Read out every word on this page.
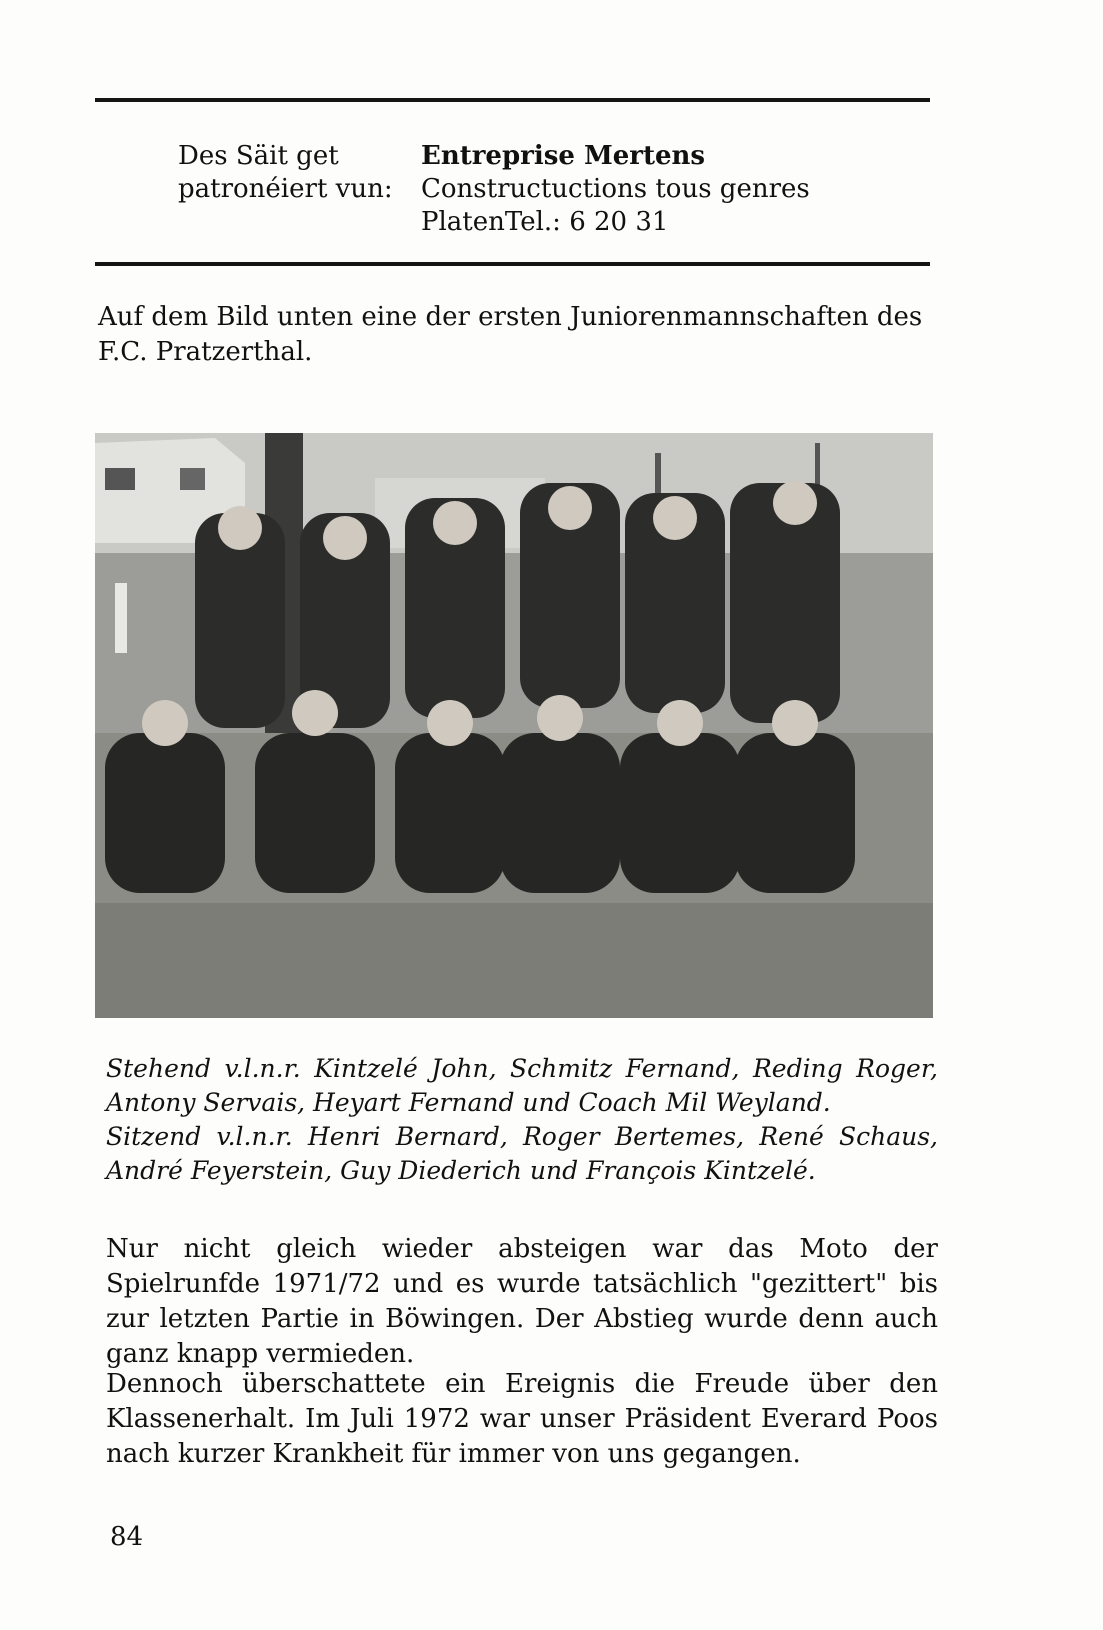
Des Säit get
patronéiert vun:
Entreprise Mertens
Constructuctions tous genres
PlatenTel.: 6 20 31

Auf dem Bild unten eine der ersten Juniorenmannschaften des F.C. Pratzerthal.

Stehend v.l.n.r. Kintzelé John, Schmitz Fernand, Reding Roger, Antony Servais, Heyart Fernand und Coach Mil Weyland.

Sitzend v.l.n.r. Henri Bernard, Roger Bertemes, René Schaus, André Feyerstein, Guy Diederich und François Kintzelé.

Nur nicht gleich wieder absteigen war das Moto der Spielrunfde 1971/72 und es wurde tatsächlich "gezittert" bis zur letzten Partie in Böwingen. Der Abstieg wurde denn auch ganz knapp vermieden.

Dennoch überschattete ein Ereignis die Freude über den Klassenerhalt. Im Juli 1972 war unser Präsident Everard Poos nach kurzer Krankheit für immer von uns gegangen.

84
